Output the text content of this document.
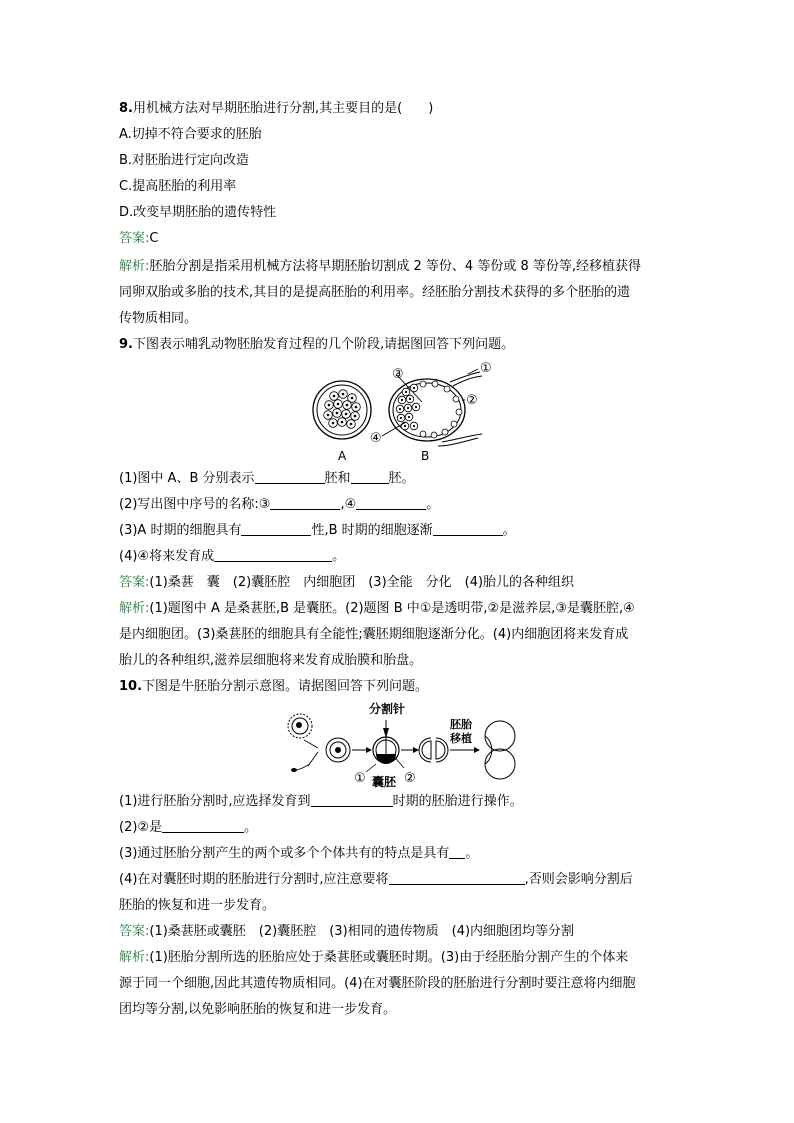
8.用机械方法对早期胚胎进行分割,其主要目的是(　　)
A.切掉不符合要求的胚胎
B.对胚胎进行定向改造
C.提高胚胎的利用率
D.改变早期胚胎的遗传特性
答案:C
解析:胚胎分割是指采用机械方法将早期胚胎切割成 2 等份、4 等份或 8 等份等,经移植获得
同卵双胎或多胎的技术,其目的是提高胚胎的利用率。经胚胎分割技术获得的多个胚胎的遗
传物质相同。
9.下图表示哺乳动物胚胎发育过程的几个阶段,请据图回答下列问题。
③	①
②
④
A	B
(1)图中 A、B 分别表示	胚和	胚。
(2)写出图中序号的名称:③	,④	。
(3)A 时期的细胞具有	性,B 时期的细胞逐渐	。
(4)④将来发育成	。
答案:(1)桑葚　囊　(2)囊胚腔　内细胞团　(3)全能　分化　(4)胎儿的各种组织
解析:(1)题图中 A 是桑葚胚,B 是囊胚。(2)题图 B 中①是透明带,②是滋养层,③是囊胚腔,④
是内细胞团。(3)桑葚胚的细胞具有全能性;囊胚期细胞逐渐分化。(4)内细胞团将来发育成
胎儿的各种组织,滋养层细胞将来发育成胎膜和胎盘。
10.下图是牛胚胎分割示意图。请据图回答下列问题。
分割针
胚胎
移植
① 囊胚 ②
(1)进行胚胎分割时,应选择发育到	时期的胚胎进行操作。
(2)②是	。
(3)通过胚胎分割产生的两个或多个个体共有的特点是具有 。
(4)在对囊胚时期的胚胎进行分割时,应注意要将	,否则会影响分割后
胚胎的恢复和进一步发育。
答案:(1)桑葚胚或囊胚　(2)囊胚腔　(3)相同的遗传物质　(4)内细胞团均等分割
解析:(1)胚胎分割所选的胚胎应处于桑葚胚或囊胚时期。(3)由于经胚胎分割产生的个体来
源于同一个细胞,因此其遗传物质相同。(4)在对囊胚阶段的胚胎进行分割时要注意将内细胞
团均等分割,以免影响胚胎的恢复和进一步发育。
